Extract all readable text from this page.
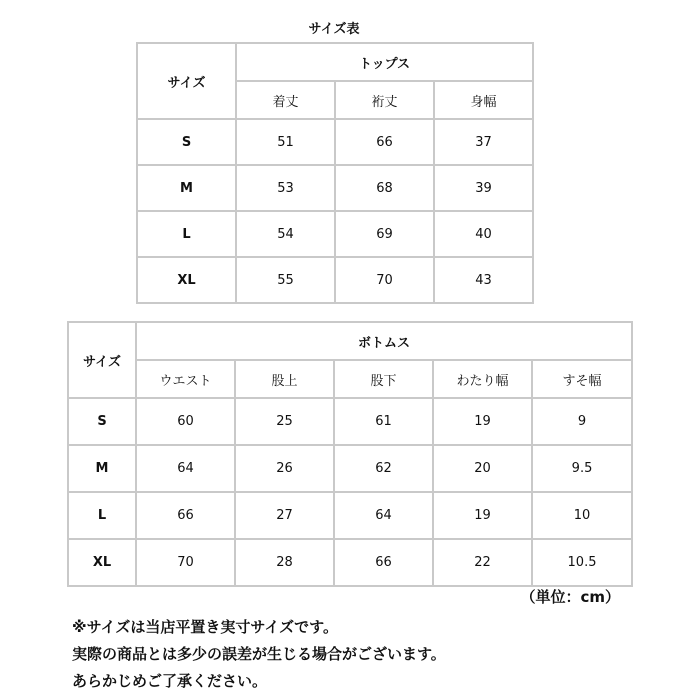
サイズ表
サイズ	トップス		
	着丈	裄丈	身幅
S	51	66	37
M	53	68	39
L	54	69	40
XL	55	70	43
サイズ	ボトムス				
	ウエスト	股上	股下	わたり幅	すそ幅
S	60	25	61	19	9
M	64	26	62	20	9.5
L	66	27	64	19	10
XL	70	28	66	22	10.5
（単位：cm）
※サイズは当店平置き実寸サイズです。
実際の商品とは多少の誤差が生じる場合がございます。
あらかじめご了承ください。
